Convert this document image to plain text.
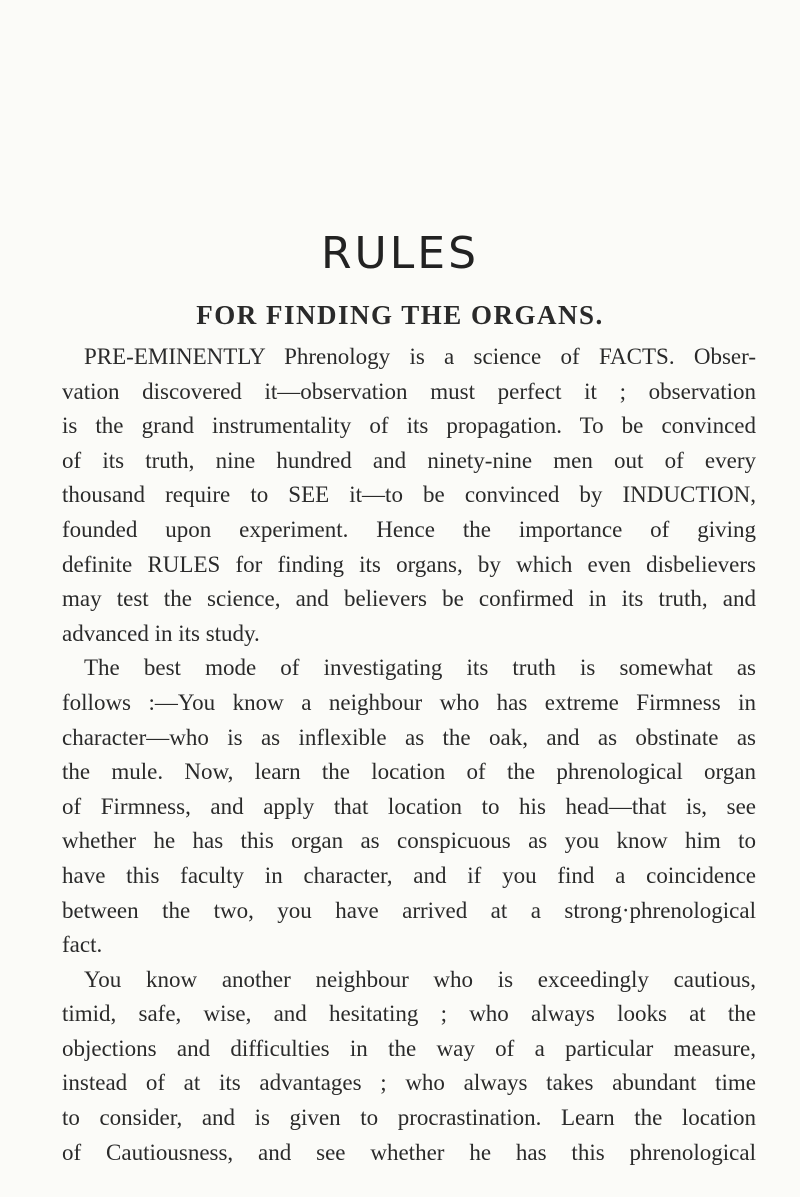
RULES
FOR FINDING THE ORGANS.
PRE-EMINENTLY Phrenology is a science of FACTS. Obser-
vation discovered it—observation must perfect it ; observation
is the grand instrumentality of its propagation. To be convinced
of its truth, nine hundred and ninety-nine men out of every
thousand require to SEE it—to be convinced by INDUCTION,
founded upon experiment. Hence the importance of giving
definite RULES for finding its organs, by which even disbelievers
may test the science, and believers be confirmed in its truth, and
advanced in its study.
The best mode of investigating its truth is somewhat as
follows :—You know a neighbour who has extreme Firmness in
character—who is as inflexible as the oak, and as obstinate as
the mule. Now, learn the location of the phrenological organ
of Firmness, and apply that location to his head—that is, see
whether he has this organ as conspicuous as you know him to
have this faculty in character, and if you find a coincidence
between the two, you have arrived at a strong·phrenological
fact.
You know another neighbour who is exceedingly cautious,
timid, safe, wise, and hesitating ; who always looks at the
objections and difficulties in the way of a particular measure,
instead of at its advantages ; who always takes abundant time
to consider, and is given to procrastination. Learn the location
of Cautiousness, and see whether he has this phrenological
